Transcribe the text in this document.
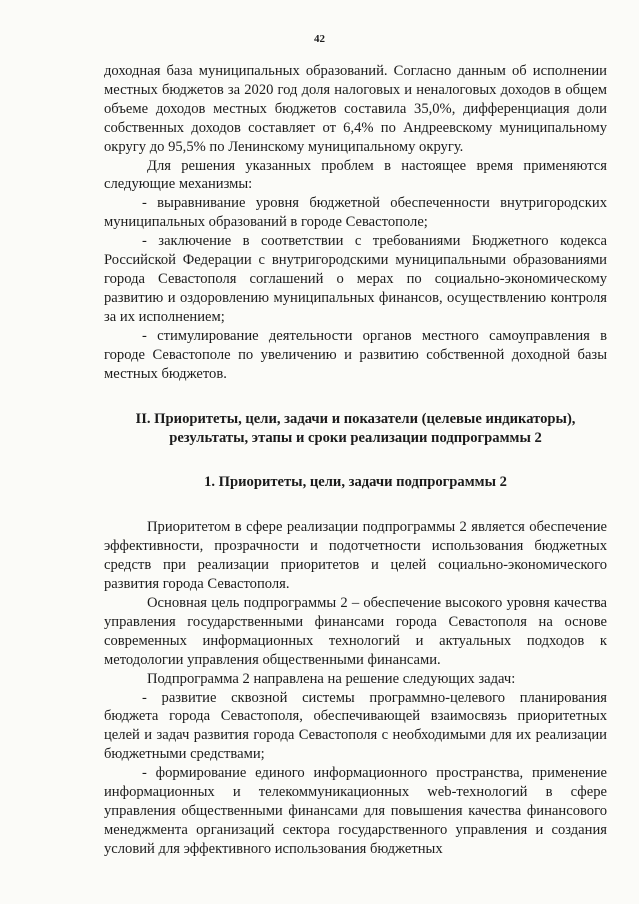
42

доходная база муниципальных образований. Согласно данным об исполнении местных бюджетов за 2020 год доля налоговых и неналоговых доходов в общем объеме доходов местных бюджетов составила 35,0%, дифференциация доли собственных доходов составляет от 6,4% по Андреевскому муниципальному округу до 95,5% по Ленинскому муниципальному округу.

Для решения указанных проблем в настоящее время применяются следующие механизмы:

- выравнивание уровня бюджетной обеспеченности внутригородских муниципальных образований в городе Севастополе;

- заключение в соответствии с требованиями Бюджетного кодекса Российской Федерации с внутригородскими муниципальными образованиями города Севастополя соглашений о мерах по социально-экономическому развитию и оздоровлению муниципальных финансов, осуществлению контроля за их исполнением;

- стимулирование деятельности органов местного самоуправления в городе Севастополе по увеличению и развитию собственной доходной базы местных бюджетов.

II. Приоритеты, цели, задачи и показатели (целевые индикаторы),
результаты, этапы и сроки реализации подпрограммы 2
1. Приоритеты, цели, задачи подпрограммы 2

Приоритетом в сфере реализации подпрограммы 2 является обеспечение эффективности, прозрачности и подотчетности использования бюджетных средств при реализации приоритетов и целей социально-экономического развития города Севастополя.

Основная цель подпрограммы 2 – обеспечение высокого уровня качества управления государственными финансами города Севастополя на основе современных информационных технологий и актуальных подходов к методологии управления общественными финансами.

Подпрограмма 2 направлена на решение следующих задач:

- развитие сквозной системы программно-целевого планирования бюджета города Севастополя, обеспечивающей взаимосвязь приоритетных целей и задач развития города Севастополя с необходимыми для их реализации бюджетными средствами;

- формирование единого информационного пространства, применение информационных и телекоммуникационных web-технологий в сфере управления общественными финансами для повышения качества финансового менеджмента организаций сектора государственного управления и создания условий для эффективного использования бюджетных
